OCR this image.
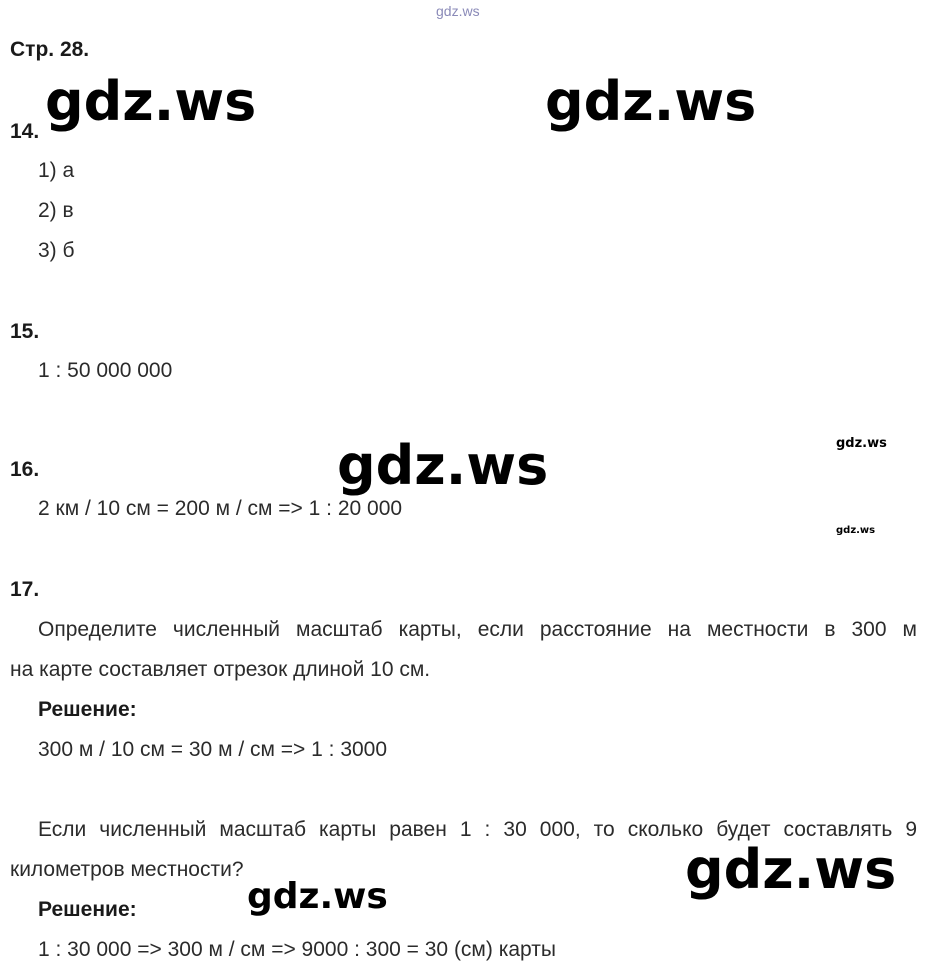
gdz.ws
Стр. 28.
gdz.ws	gdz.ws
14.
1) а
2) в
3) б
15.
1 : 50 000 000
gdz.ws	gdz.ws
gdz.ws
16.
2 км / 10 см = 200 м / см => 1 : 20 000
17.
Определите численный масштаб карты, если расстояние на местности в 300 м
на карте составляет отрезок длиной 10 см.
Решение:
300 м / 10 см = 30 м / см => 1 : 3000
Если численный масштаб карты равен 1 : 30 000, то сколько будет составлять 9
километров местности?	gdz.ws
gdz.ws
Решение:
1 : 30 000 => 300 м / см => 9000 : 300 = 30 (см) карты
